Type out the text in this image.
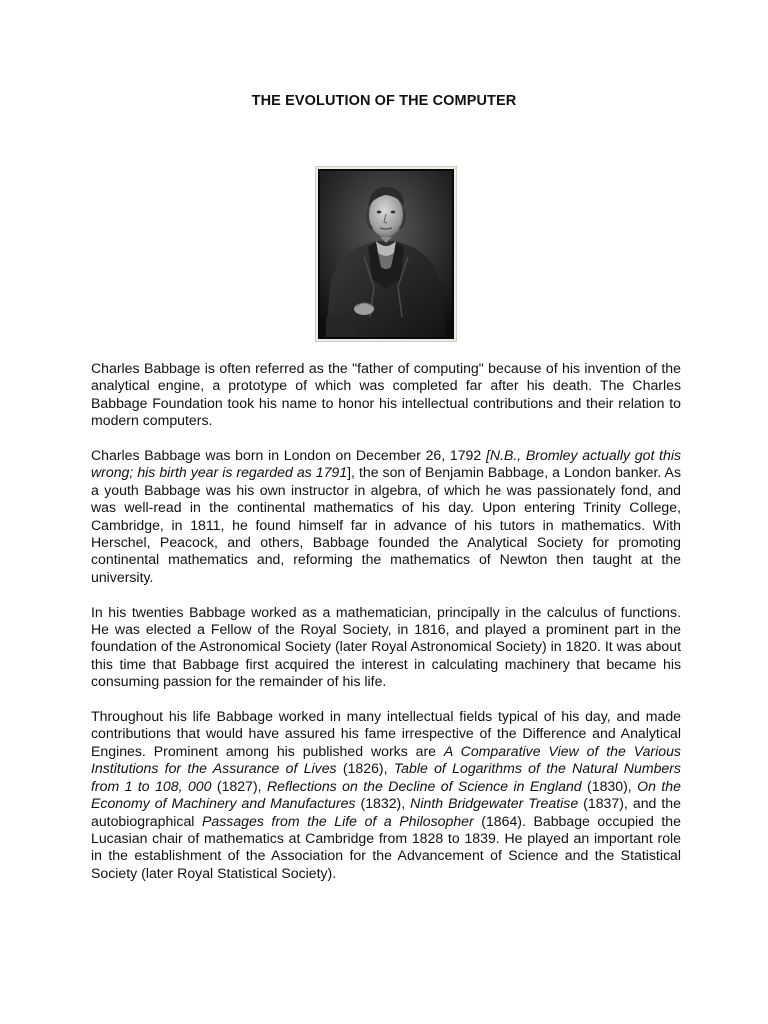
THE EVOLUTION OF THE COMPUTER

Charles Babbage is often referred as the "father of computing" because of his invention of the analytical engine, a prototype of which was completed far after his death. The Charles Babbage Foundation took his name to honor his intellectual contributions and their relation to modern computers.

Charles Babbage was born in London on December 26, 1792 [N.B., Bromley actually got this wrong; his birth year is regarded as 1791], the son of Benjamin Babbage, a London banker. As a youth Babbage was his own instructor in algebra, of which he was passionately fond, and was well-read in the continental mathematics of his day. Upon entering Trinity College, Cambridge, in 1811, he found himself far in advance of his tutors in mathematics. With Herschel, Peacock, and others, Babbage founded the Analytical Society for promoting continental mathematics and, reforming the mathematics of Newton then taught at the university.

In his twenties Babbage worked as a mathematician, principally in the calculus of functions. He was elected a Fellow of the Royal Society, in 1816, and played a prominent part in the foundation of the Astronomical Society (later Royal Astronomical Society) in 1820. It was about this time that Babbage first acquired the interest in calculating machinery that became his consuming passion for the remainder of his life.

Throughout his life Babbage worked in many intellectual fields typical of his day, and made contributions that would have assured his fame irrespective of the Difference and Analytical Engines. Prominent among his published works are A Comparative View of the Various Institutions for the Assurance of Lives (1826), Table of Logarithms of the Natural Numbers from 1 to 108, 000 (1827), Reflections on the Decline of Science in England (1830), On the Economy of Machinery and Manufactures (1832), Ninth Bridgewater Treatise (1837), and the autobiographical Passages from the Life of a Philosopher (1864). Babbage occupied the Lucasian chair of mathematics at Cambridge from 1828 to 1839. He played an important role in the establishment of the Association for the Advancement of Science and the Statistical Society (later Royal Statistical Society).
